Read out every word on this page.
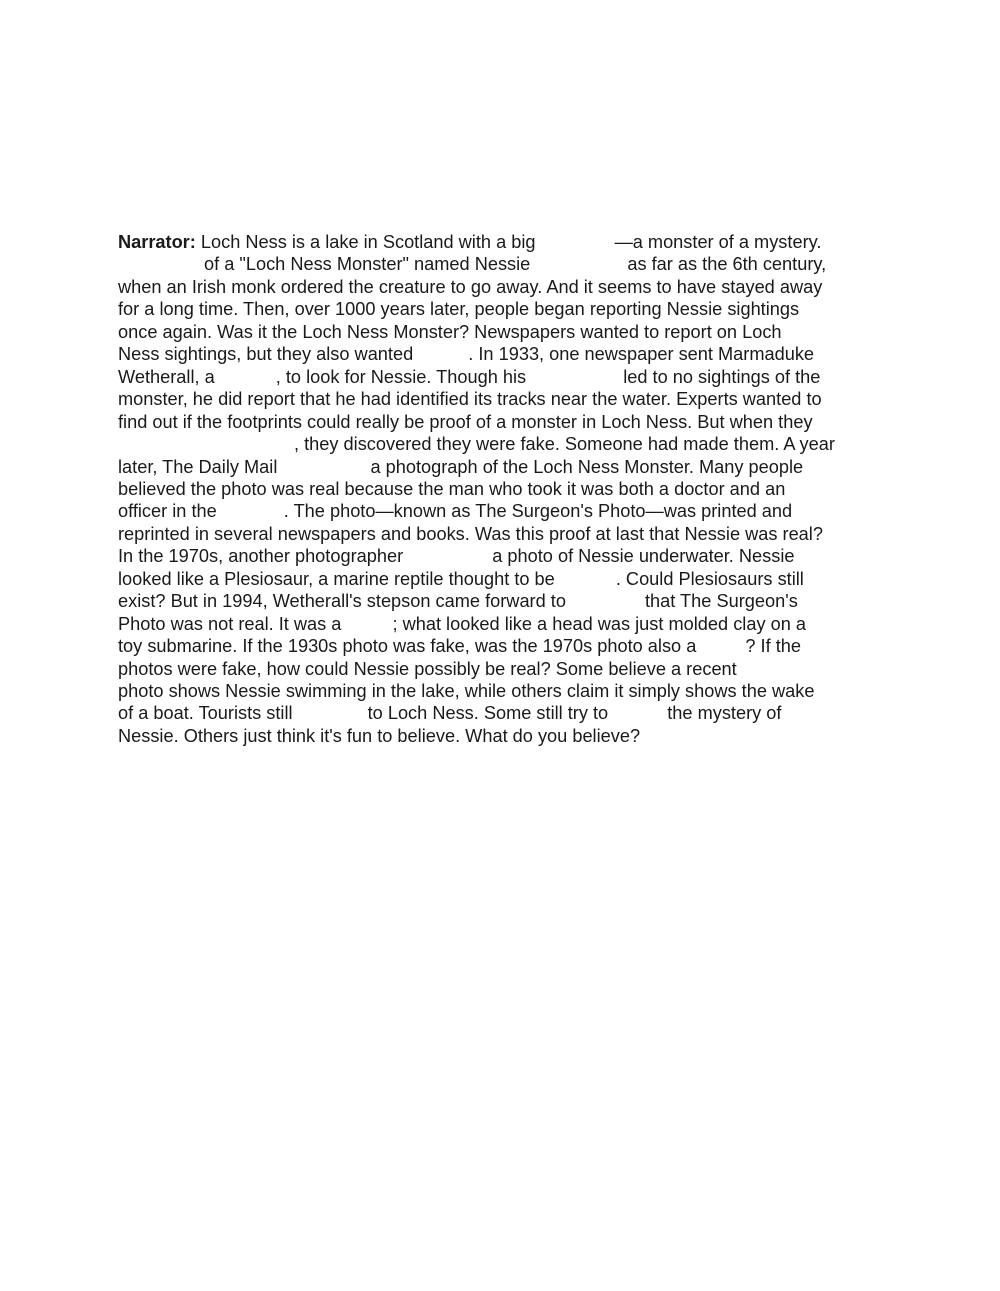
Narrator: Loch Ness is a lake in Scotland with a big	—a monster of a mystery.
of a "Loch Ness Monster" named Nessie	as far as the 6th century,
when an Irish monk ordered the creature to go away. And it seems to have stayed away
for a long time. Then, over 1000 years later, people began reporting Nessie sightings
once again. Was it the Loch Ness Monster? Newspapers wanted to report on Loch
Ness sightings, but they also wanted	. In 1933, one newspaper sent Marmaduke
Wetherall, a	, to look for Nessie. Though his	led to no sightings of the
monster, he did report that he had identified its tracks near the water. Experts wanted to
find out if the footprints could really be proof of a monster in Loch Ness. But when they
, they discovered they were fake. Someone had made them. A year
later, The Daily Mail	a photograph of the Loch Ness Monster. Many people
believed the photo was real because the man who took it was both a doctor and an
officer in the	. The photo—known as The Surgeon's Photo—was printed and
reprinted in several newspapers and books. Was this proof at last that Nessie was real?
In the 1970s, another photographer	a photo of Nessie underwater. Nessie
looked like a Plesiosaur, a marine reptile thought to be	. Could Plesiosaurs still
exist? But in 1994, Wetherall's stepson came forward to	that The Surgeon's
Photo was not real. It was a	; what looked like a head was just molded clay on a
toy submarine. If the 1930s photo was fake, was the 1970s photo also a ? If the
photos were fake, how could Nessie possibly be real? Some believe a recent
photo shows Nessie swimming in the lake, while others claim it simply shows the wake
of a boat. Tourists still	to Loch Ness. Some still try to	the mystery of
Nessie. Others just think it's fun to believe. What do you believe?
